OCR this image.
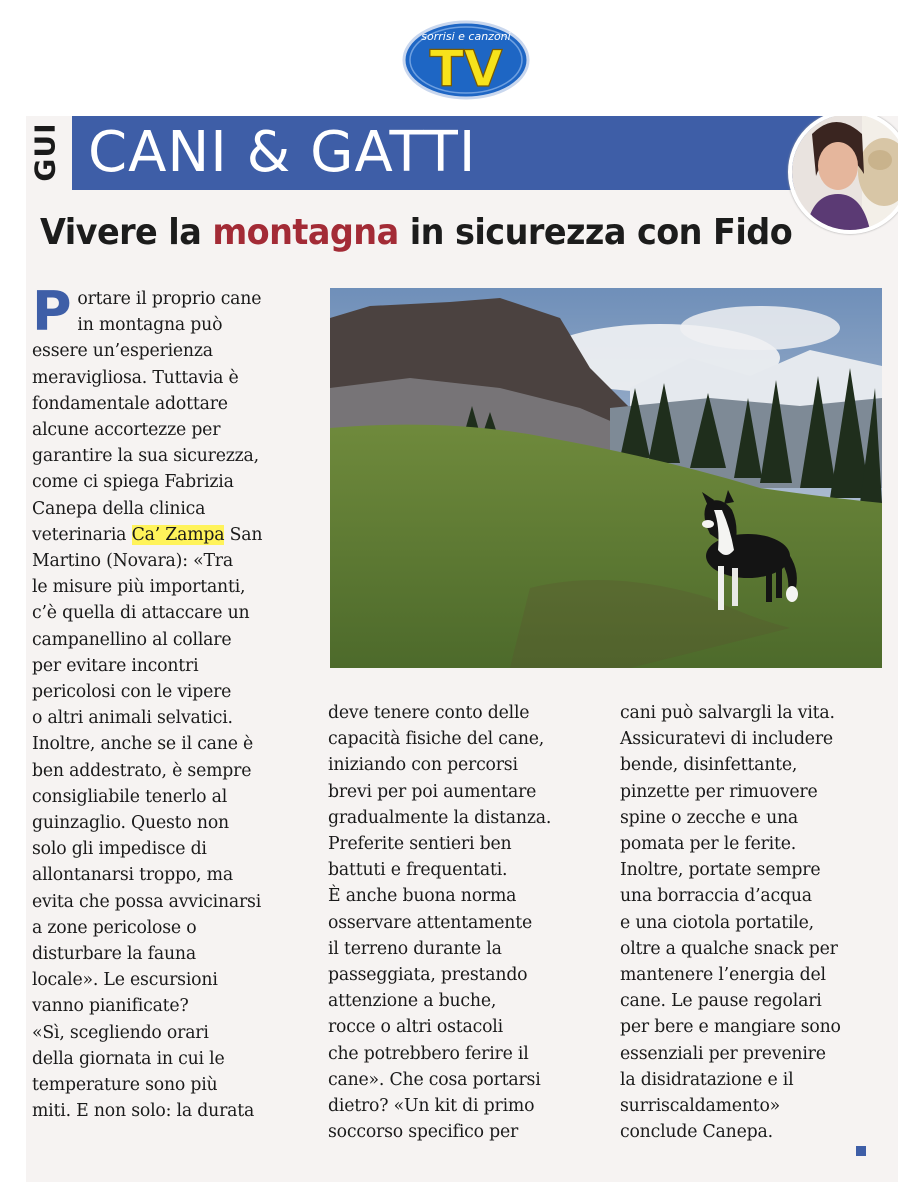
sorrisi e canzoni
TV
GUI CANI & GATTI
Vivere la montagna in sicurezza con Fido
P ortare il proprio cane
in montagna può
essere un’esperienza
meravigliosa. Tuttavia è
fondamentale adottare
alcune accortezze per
garantire la sua sicurezza,
come ci spiega Fabrizia
Canepa della clinica
veterinaria Ca’ Zampa San
Martino (Novara): «Tra
le misure più importanti,
c’è quella di attaccare un
campanellino al collare
per evitare incontri
pericolosi con le vipere
o altri animali selvatici.
Inoltre, anche se il cane è
ben addestrato, è sempre
consigliabile tenerlo al
guinzaglio. Questo non
solo gli impedisce di
allontanarsi troppo, ma
evita che possa avvicinarsi
a zone pericolose o
disturbare la fauna
locale». Le escursioni
vanno pianificate?
«Sì, scegliendo orari
della giornata in cui le
temperature sono più
miti. E non solo: la durata
deve tenere conto delle
capacità fisiche del cane,
iniziando con percorsi
brevi per poi aumentare
gradualmente la distanza.
Preferite sentieri ben
battuti e frequentati.
È anche buona norma
osservare attentamente
il terreno durante la
passeggiata, prestando
attenzione a buche,
rocce o altri ostacoli
che potrebbero ferire il
cane». Che cosa portarsi
dietro? «Un kit di primo
soccorso specifico per
cani può salvargli la vita.
Assicuratevi di includere
bende, disinfettante,
pinzette per rimuovere
spine o zecche e una
pomata per le ferite.
Inoltre, portate sempre
una borraccia d’acqua
e una ciotola portatile,
oltre a qualche snack per
mantenere l’energia del
cane. Le pause regolari
per bere e mangiare sono
essenziali per prevenire
la disidratazione e il
surriscaldamento»
conclude Canepa.
